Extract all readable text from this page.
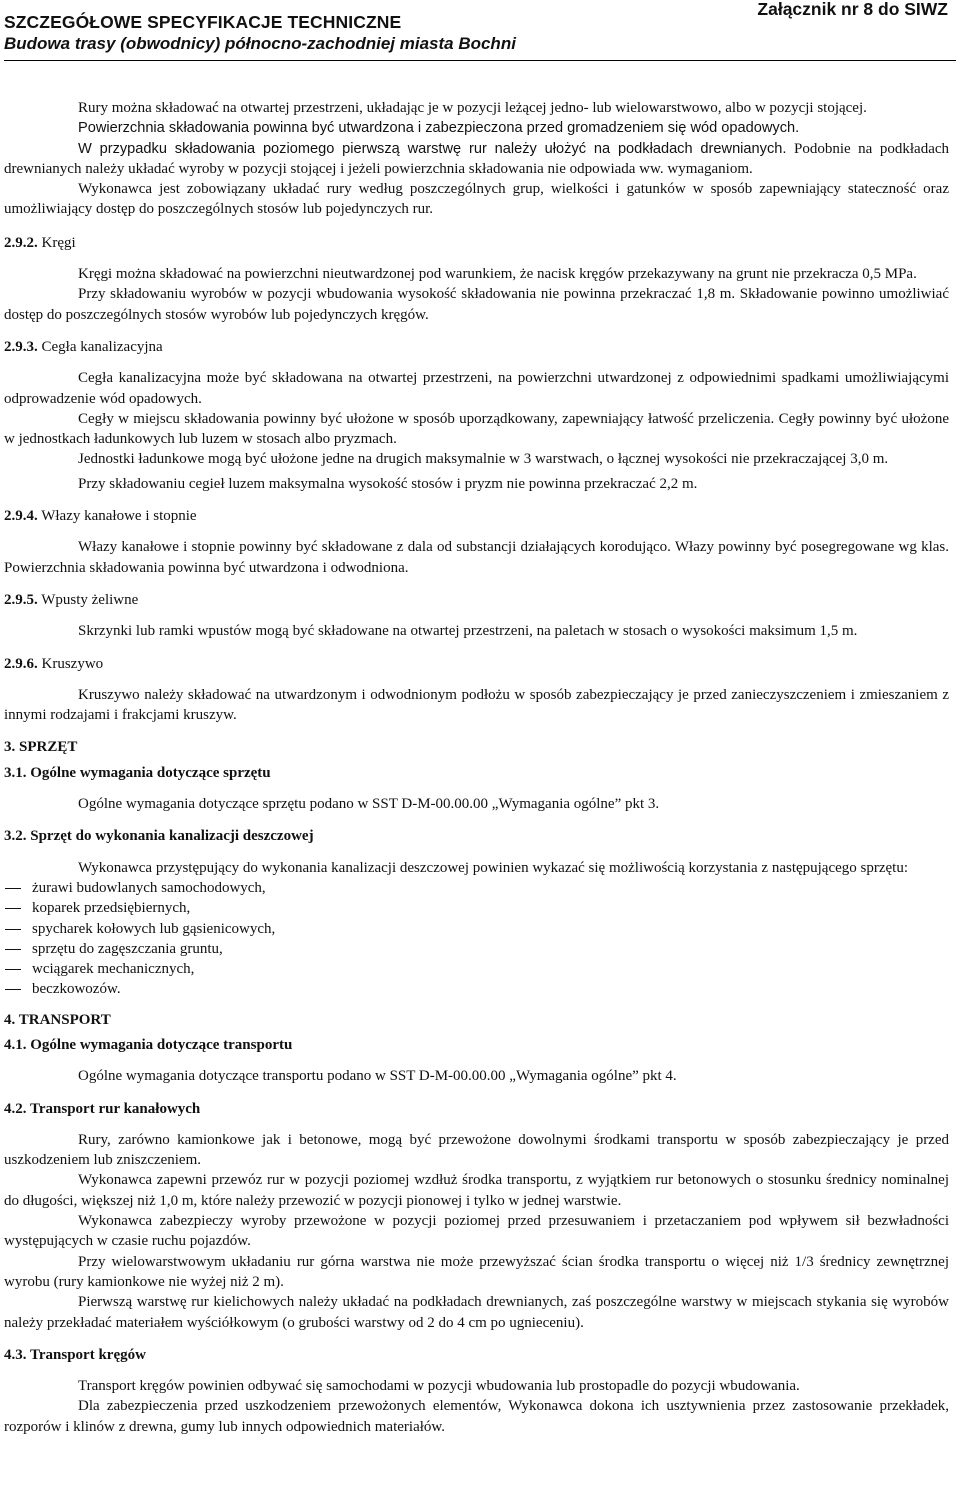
SZCZEGÓŁOWE SPECYFIKACJE TECHNICZNE
Budowa trasy (obwodnicy) północno-zachodniej miasta Bochni
Załącznik nr 8 do SIWZ

Rury można składować na otwartej przestrzeni, układając je w pozycji leżącej jedno- lub wielowarstwowo, albo w pozycji stojącej.

Powierzchnia składowania powinna być utwardzona i zabezpieczona przed gromadzeniem się wód opadowych.

W przypadku składowania poziomego pierwszą warstwę rur należy ułożyć na podkładach drewnianych. Podobnie na podkładach drewnianych należy układać wyroby w pozycji stojącej i jeżeli powierzchnia składowania nie odpowiada ww. wymaganiom.

Wykonawca jest zobowiązany układać rury według poszczególnych grup, wielkości i gatunków w sposób zapewniający stateczność oraz umożliwiający dostęp do poszczególnych stosów lub pojedynczych rur.

2.9.2. Kręgi

Kręgi można składować na powierzchni nieutwardzonej pod warunkiem, że nacisk kręgów przekazywany na grunt nie przekracza 0,5 MPa.

Przy składowaniu wyrobów w pozycji wbudowania wysokość składowania nie powinna przekraczać 1,8 m. Składowanie powinno umożliwiać dostęp do poszczególnych stosów wyrobów lub pojedynczych kręgów.

2.9.3. Cegła kanalizacyjna

Cegła kanalizacyjna może być składowana na otwartej przestrzeni, na powierzchni utwardzonej z odpowiednimi spadkami umożliwiającymi odprowadzenie wód opadowych.

Cegły w miejscu składowania powinny być ułożone w sposób uporządkowany, zapewniający łatwość przeliczenia. Cegły powinny być ułożone w jednostkach ładunkowych lub luzem w stosach albo pryzmach.

Jednostki ładunkowe mogą być ułożone jedne na drugich maksymalnie w 3 warstwach, o łącznej wysokości nie przekraczającej 3,0 m.

Przy składowaniu cegieł luzem maksymalna wysokość stosów i pryzm nie powinna przekraczać 2,2 m.

2.9.4. Włazy kanałowe i stopnie

Włazy kanałowe i stopnie powinny być składowane z dala od substancji działających korodująco. Włazy powinny być posegregowane wg klas. Powierzchnia składowania powinna być utwardzona i odwodniona.

2.9.5. Wpusty żeliwne

Skrzynki lub ramki wpustów mogą być składowane na otwartej przestrzeni, na paletach w stosach o wysokości maksimum 1,5 m.

2.9.6. Kruszywo

Kruszywo należy składować na utwardzonym i odwodnionym podłożu w sposób zabezpieczający je przed zanieczyszczeniem i zmieszaniem z innymi rodzajami i frakcjami kruszyw.

3. SPRZĘT
3.1. Ogólne wymagania dotyczące sprzętu

Ogólne wymagania dotyczące sprzętu podano w SST D-M-00.00.00 „Wymagania ogólne” pkt 3.

3.2. Sprzęt do wykonania kanalizacji deszczowej

Wykonawca przystępujący do wykonania kanalizacji deszczowej powinien wykazać się możliwością korzystania z następującego sprzętu:

żurawi budowlanych samochodowych,
koparek przedsiębiernych,
spycharek kołowych lub gąsienicowych,
sprzętu do zagęszczania gruntu,
wciągarek mechanicznych,
beczkowozów.
4. TRANSPORT
4.1. Ogólne wymagania dotyczące transportu

Ogólne wymagania dotyczące transportu podano w SST D-M-00.00.00 „Wymagania ogólne” pkt 4.

4.2. Transport rur kanałowych

Rury, zarówno kamionkowe jak i betonowe, mogą być przewożone dowolnymi środkami transportu w sposób zabezpieczający je przed uszkodzeniem lub zniszczeniem.

Wykonawca zapewni przewóz rur w pozycji poziomej wzdłuż środka transportu, z wyjątkiem rur betonowych o stosunku średnicy nominalnej do długości, większej niż 1,0 m, które należy przewozić w pozycji pionowej i tylko w jednej warstwie.

Wykonawca zabezpieczy wyroby przewożone w pozycji poziomej przed przesuwaniem i przetaczaniem pod wpływem sił bezwładności występujących w czasie ruchu pojazdów.

Przy wielowarstwowym układaniu rur górna warstwa nie może przewyższać ścian środka transportu o więcej niż 1/3 średnicy zewnętrznej wyrobu (rury kamionkowe nie wyżej niż 2 m).

Pierwszą warstwę rur kielichowych należy układać na podkładach drewnianych, zaś poszczególne warstwy w miejscach stykania się wyrobów należy przekładać materiałem wyściółkowym (o grubości warstwy od 2 do 4 cm po ugnieceniu).

4.3. Transport kręgów

Transport kręgów powinien odbywać się samochodami w pozycji wbudowania lub prostopadle do pozycji wbudowania.

Dla zabezpieczenia przed uszkodzeniem przewożonych elementów, Wykonawca dokona ich usztywnienia przez zastosowanie przekładek, rozporów i klinów z drewna, gumy lub innych odpowiednich materiałów.
